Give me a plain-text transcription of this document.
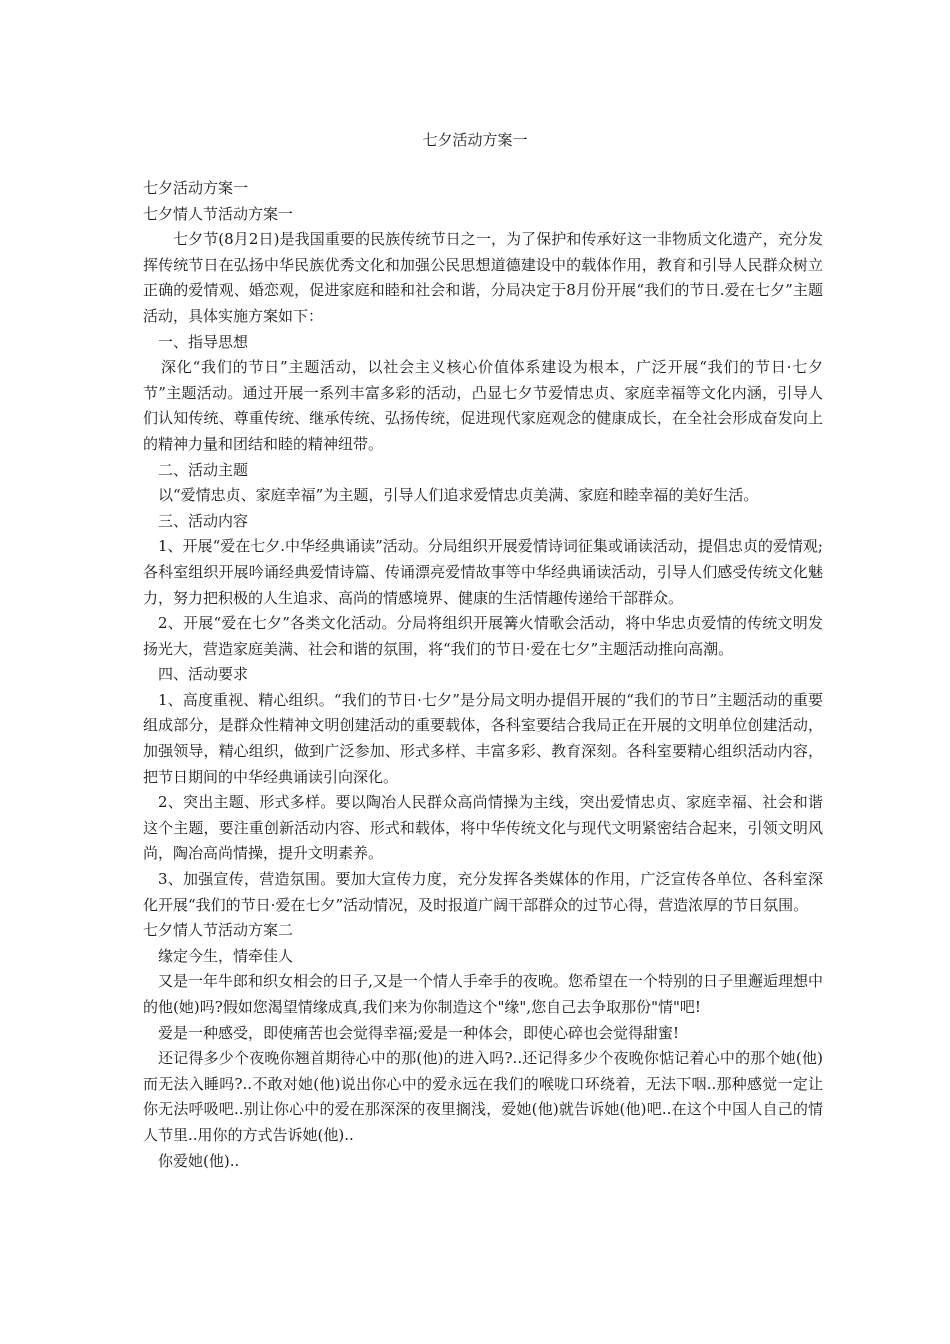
七夕活动方案一

七夕活动方案一

七夕情人节活动方案一

七夕节(8月2日)是我国重要的民族传统节日之一，为了保护和传承好这一非物质文化遗产，充分发挥传统节日在弘扬中华民族优秀文化和加强公民思想道德建设中的载体作用，教育和引导人民群众树立正确的爱情观、婚恋观，促进家庭和睦和社会和谐，分局决定于8月份开展“我们的节日.爱在七夕”主题活动，具体实施方案如下：

一、指导思想

深化“我们的节日”主题活动，以社会主义核心价值体系建设为根本，广泛开展“我们的节日·七夕节”主题活动。通过开展一系列丰富多彩的活动，凸显七夕节爱情忠贞、家庭幸福等文化内涵，引导人们认知传统、尊重传统、继承传统、弘扬传统，促进现代家庭观念的健康成长，在全社会形成奋发向上的精神力量和团结和睦的精神纽带。

二、活动主题

以“爱情忠贞、家庭幸福”为主题，引导人们追求爱情忠贞美满、家庭和睦幸福的美好生活。

三、活动内容

1、开展“爱在七夕.中华经典诵读”活动。分局组织开展爱情诗词征集或诵读活动，提倡忠贞的爱情观;各科室组织开展吟诵经典爱情诗篇、传诵漂亮爱情故事等中华经典诵读活动，引导人们感受传统文化魅力，努力把积极的人生追求、高尚的情感境界、健康的生活情趣传递给干部群众。

2、开展“爱在七夕”各类文化活动。分局将组织开展篝火情歌会活动，将中华忠贞爱情的传统文明发扬光大，营造家庭美满、社会和谐的氛围，将“我们的节日·爱在七夕”主题活动推向高潮。

四、活动要求

1、高度重视、精心组织。“我们的节日·七夕”是分局文明办提倡开展的“我们的节日”主题活动的重要组成部分，是群众性精神文明创建活动的重要载体，各科室要结合我局正在开展的文明单位创建活动，加强领导，精心组织，做到广泛参加、形式多样、丰富多彩、教育深刻。各科室要精心组织活动内容，把节日期间的中华经典诵读引向深化。

2、突出主题、形式多样。要以陶冶人民群众高尚情操为主线，突出爱情忠贞、家庭幸福、社会和谐这个主题，要注重创新活动内容、形式和载体，将中华传统文化与现代文明紧密结合起来，引领文明风尚，陶冶高尚情操，提升文明素养。

3、加强宣传，营造氛围。要加大宣传力度，充分发挥各类媒体的作用，广泛宣传各单位、各科室深化开展“我们的节日·爱在七夕”活动情况，及时报道广阔干部群众的过节心得，营造浓厚的节日氛围。

七夕情人节活动方案二

缘定今生，情牵佳人

又是一年牛郎和织女相会的日子,又是一个情人手牵手的夜晚。您希望在一个特别的日子里邂逅理想中的他(她)吗?假如您渴望情缘成真,我们来为你制造这个"缘",您自己去争取那份"情"吧!

爱是一种感受，即使痛苦也会觉得幸福;爱是一种体会，即使心碎也会觉得甜蜜!

还记得多少个夜晚你翘首期待心中的那(他)的进入吗?..还记得多少个夜晚你惦记着心中的那个她(他)而无法入睡吗?..不敢对她(他)说出你心中的爱永远在我们的喉咙口环绕着，无法下咽..那种感觉一定让你无法呼吸吧..别让你心中的爱在那深深的夜里搁浅，爱她(他)就告诉她(他)吧..在这个中国人自己的情人节里..用你的方式告诉她(他)..

你爱她(他)..
